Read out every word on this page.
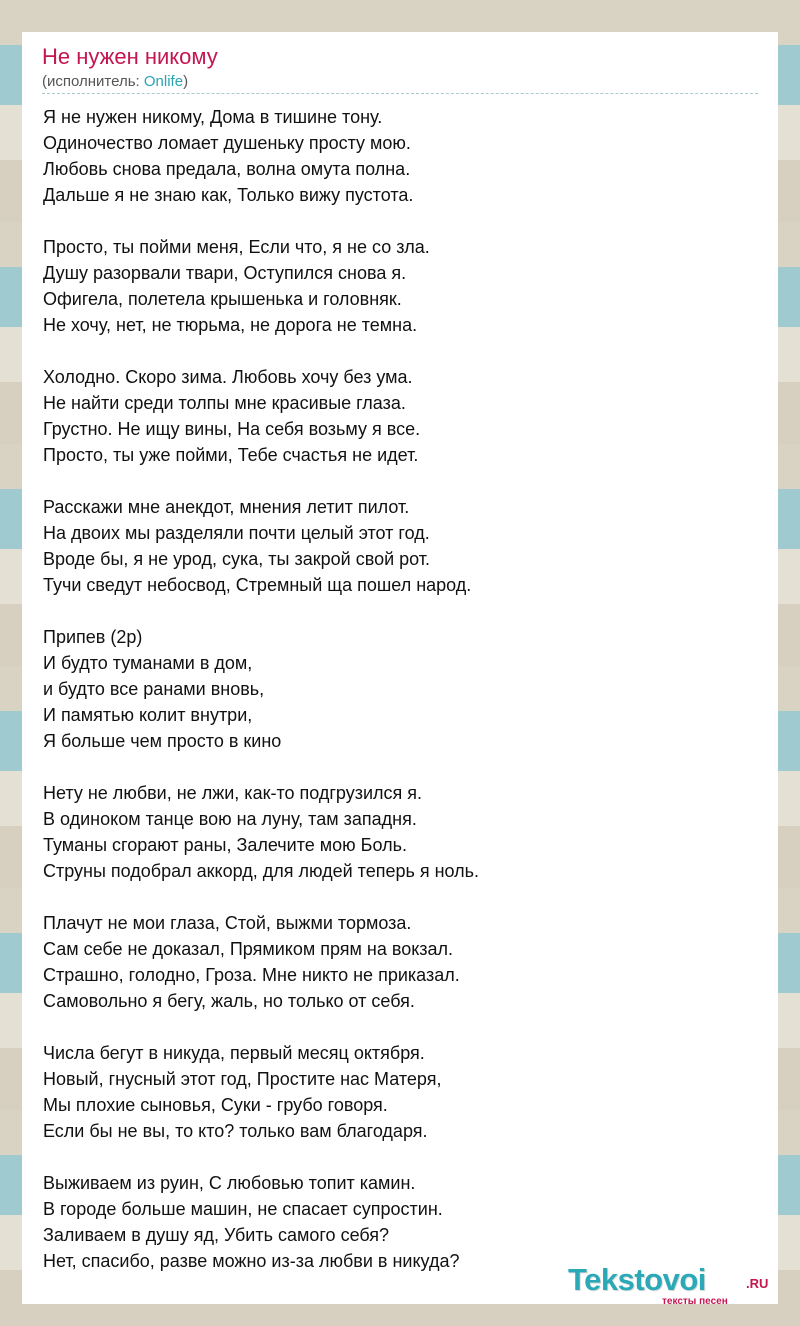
Не нужен никому
(исполнитель: Onlife)
Я не нужен никому, Дома в тишине тону.
Одиночество ломает душеньку просту мою.
Любовь снова предала, волна омута полна.
Дальше я не знаю как, Только вижу пустота.
Просто, ты пойми меня, Если что, я не со зла.
Душу разорвали твари, Оступился снова я.
Офигела, полетела крышенька и головняк.
Не хочу, нет, не тюрьма, не дорога не темна.
Холодно. Скоро зима. Любовь хочу без ума.
Не найти среди толпы мне красивые глаза.
Грустно. Не ищу вины, На себя возьму я все.
Просто, ты уже пойми, Тебе счастья не идет.
Расскажи мне анекдот, мнения летит пилот.
На двоих мы разделяли почти целый этот год.
Вроде бы, я не урод, сука, ты закрой свой рот.
Тучи сведут небосвод, Стремный ща пошел народ.
Припев (2р)
И будто туманами в дом,
и будто все ранами вновь,
И памятью колит внутри,
Я больше чем просто в кино
Нету не любви, не лжи, как-то подгрузился я.
В одиноком танце вою на луну, там западня.
Туманы сгорают раны, Залечите мою Боль.
Струны подобрал аккорд, для людей теперь я ноль.
Плачут не мои глаза, Стой, выжми тормоза.
Сам себе не доказал, Прямиком прям на вокзал.
Страшно, голодно, Гроза. Мне никто не приказал.
Самовольно я бегу, жаль, но только от себя.
Числа бегут в никуда, первый месяц октября.
Новый, гнусный этот год, Простите нас Матеря,
Мы плохие сыновья, Суки - грубо говоря.
Если бы не вы, то кто? только вам благодаря.
Выживаем из руин, С любовью топит камин.
В городе больше машин, не спасает супростин.
Заливаем в душу яд, Убить самого себя?
Нет, спасибо, разве можно из-за любви в никуда?
Tekstovoi	.RU
тексты песен
